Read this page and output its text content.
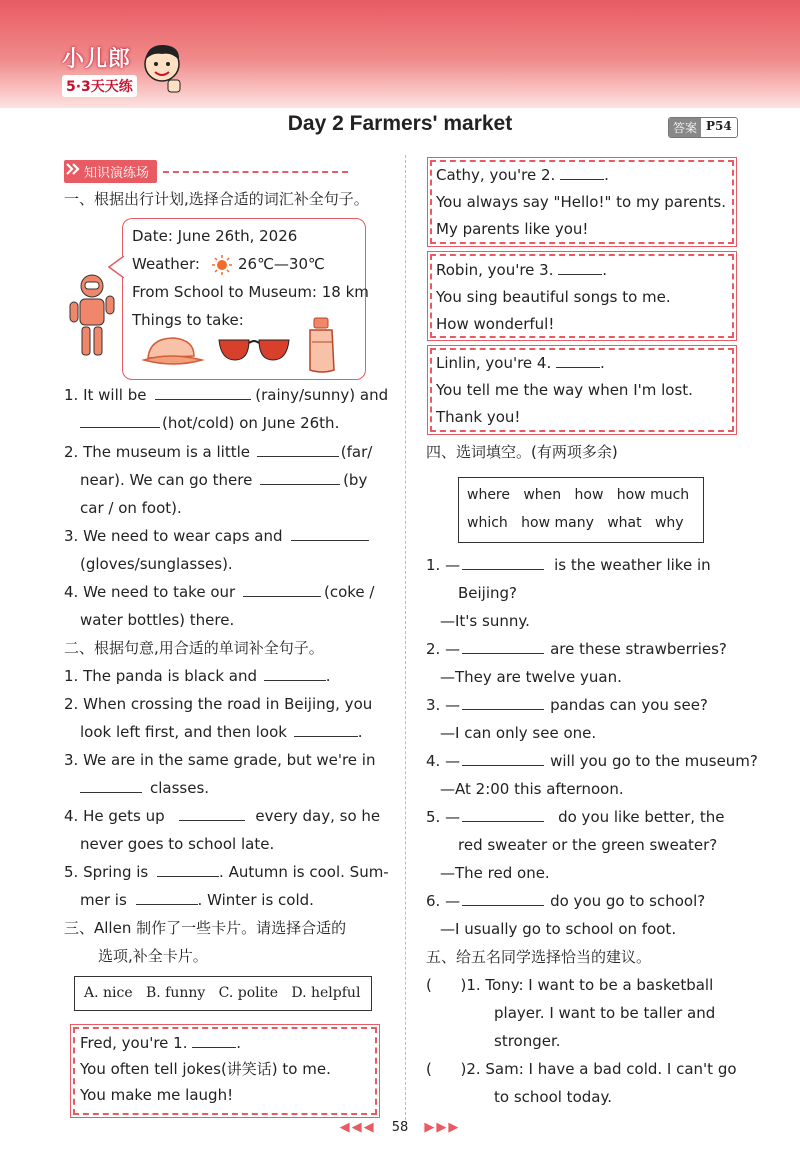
小儿郎
5·3天天练
Day 2 Farmers' market	答案 P54
知识演练场
一、根据出行计划,选择合适的词汇补全句子。
Date: June 26th, 2026
Weather:	26℃—30℃
From School to Museum: 18 km
Things to take:
1. It will be	(rainy/sunny) and
(hot/cold) on June 26th.
2. The museum is a little	(far/
near). We can go there	(by
car / on foot).
3. We need to wear caps and
(gloves/sunglasses).
4. We need to take our	(coke /
water bottles) there.
二、根据句意,用合适的单词补全句子。
1. The panda is black and	.
2. When crossing the road in Beijing, you
look left first, and then look	.
3. We are in the same grade, but we're in
classes.
4. He gets up	every day, so he
never goes to school late.
5. Spring is	. Autumn is cool. Sum-
mer is	. Winter is cold.
三、Allen 制作了一些卡片。请选择合适的
选项,补全卡片。
A. nice   B. funny   C. polite   D. helpful
Fred, you're 1.	.
You often tell jokes(讲笑话) to me.
You make me laugh!
Cathy, you're 2.	.
You always say "Hello!" to my parents.
My parents like you!
Robin, you're 3.	.
You sing beautiful songs to me.
How wonderful!
Linlin, you're 4.	.
You tell me the way when I'm lost.
Thank you!
四、选词填空。(有两项多余)
where   when   how   how much
which   how many   what   why
1. —	is the weather like in
Beijing?
—It's sunny.
2. —	are these strawberries?
—They are twelve yuan.
3. —	pandas can you see?
—I can only see one.
4. —	will you go to the museum?
—At 2:00 this afternoon.
5. —	do you like better, the
red sweater or the green sweater?
—The red one.
6. —	do you go to school?
—I usually go to school on foot.
五、给五名同学选择恰当的建议。
(      )1. Tony: I want to be a basketball
player. I want to be taller and
stronger.
(      )2. Sam: I have a bad cold. I can't go
to school today.
◀◀◀ 58 ▶▶▶
